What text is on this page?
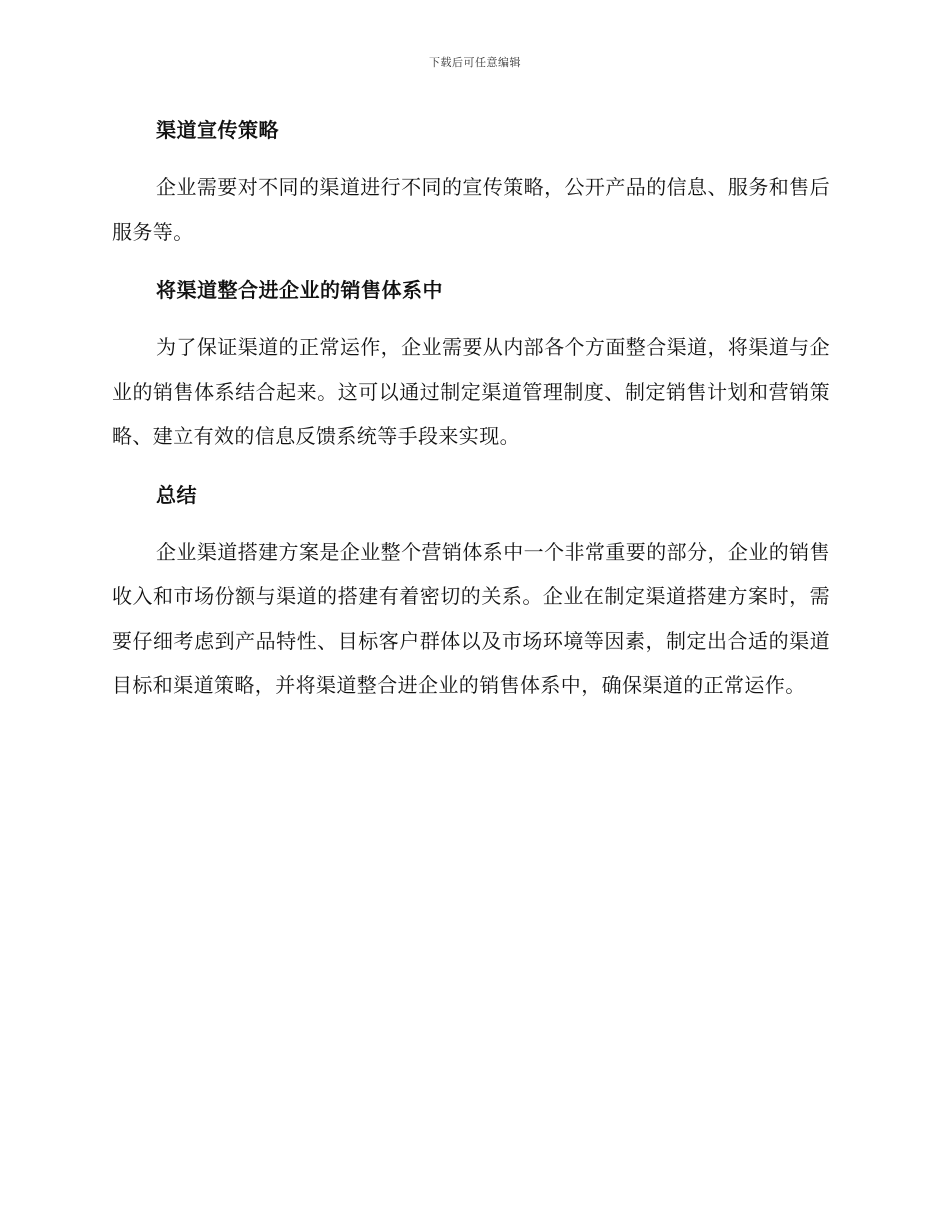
下载后可任意编辑
渠道宣传策略

企业需要对不同的渠道进行不同的宣传策略，公开产品的信息、服务和售后服务等。

将渠道整合进企业的销售体系中

为了保证渠道的正常运作，企业需要从内部各个方面整合渠道，将渠道与企业的销售体系结合起来。这可以通过制定渠道管理制度、制定销售计划和营销策略、建立有效的信息反馈系统等手段来实现。

总结

企业渠道搭建方案是企业整个营销体系中一个非常重要的部分，企业的销售收入和市场份额与渠道的搭建有着密切的关系。企业在制定渠道搭建方案时，需要仔细考虑到产品特性、目标客户群体以及市场环境等因素，制定出合适的渠道目标和渠道策略，并将渠道整合进企业的销售体系中，确保渠道的正常运作。
